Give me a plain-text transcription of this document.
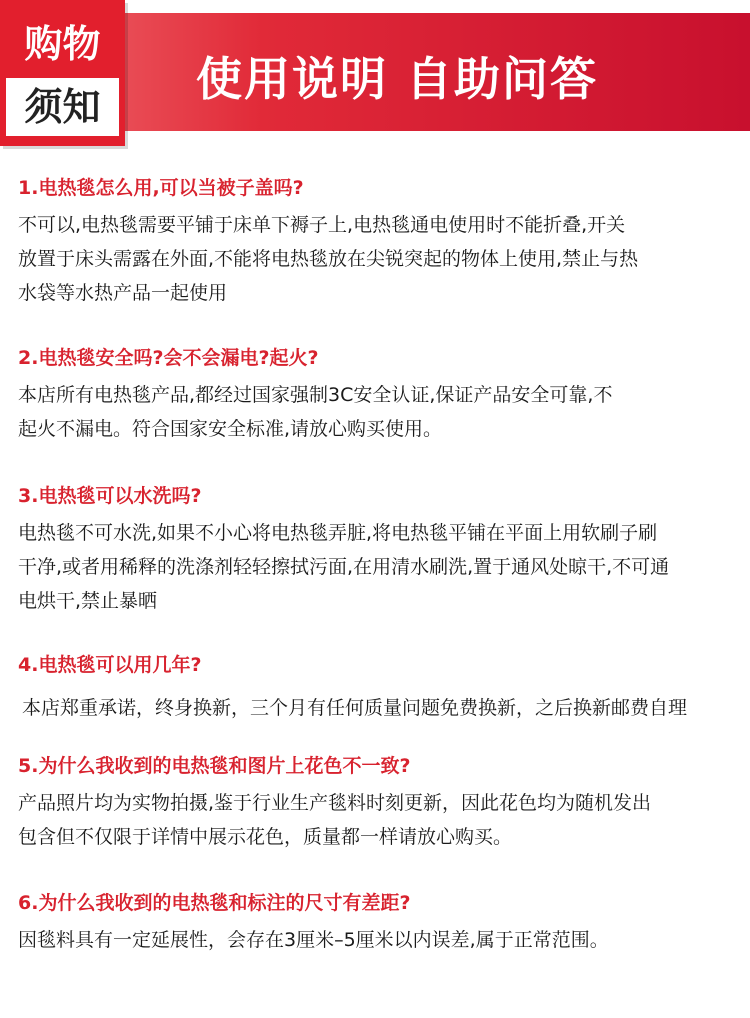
使用说明 自助问答
购物
须知
1.电热毯怎么用,可以当被子盖吗?
不可以,电热毯需要平铺于床单下褥子上,电热毯通电使用时不能折叠,开关
放置于床头需露在外面,不能将电热毯放在尖锐突起的物体上使用,禁止与热
水袋等水热产品一起使用
2.电热毯安全吗?会不会漏电?起火?
本店所有电热毯产品,都经过国家强制3C安全认证,保证产品安全可靠,不
起火不漏电。符合国家安全标准,请放心购买使用。
3.电热毯可以水洗吗?
电热毯不可水洗,如果不小心将电热毯弄脏,将电热毯平铺在平面上用软刷子刷
干净,或者用稀释的洗涤剂轻轻擦拭污面,在用清水刷洗,置于通风处晾干,不可通
电烘干,禁止暴晒
4.电热毯可以用几年?
本店郑重承诺，终身换新，三个月有任何质量问题免费换新，之后换新邮费自理
5.为什么我收到的电热毯和图片上花色不一致?
产品照片均为实物拍摄,鉴于行业生产毯料时刻更新，因此花色均为随机发出
包含但不仅限于详情中展示花色，质量都一样请放心购买。
6.为什么我收到的电热毯和标注的尺寸有差距?
因毯料具有一定延展性，会存在3厘米–5厘米以内误差,属于正常范围。
